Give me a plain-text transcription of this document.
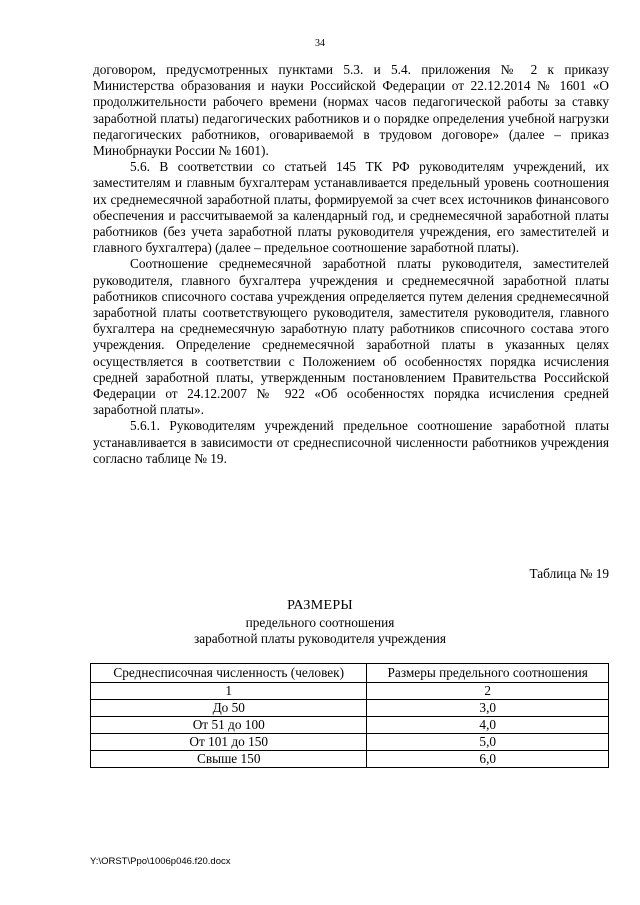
34

договором, предусмотренных пунктами 5.3. и 5.4. приложения № 2 к приказу Министерства образования и науки Российской Федерации от 22.12.2014 № 1601 «О продолжительности рабочего времени (нормах часов педагогической работы за ставку заработной платы) педагогических работников и о порядке определения учебной нагрузки педагогических работников, оговариваемой в трудовом договоре» (далее – приказ Минобрнауки России № 1601).

5.6. В соответствии со статьей 145 ТК РФ руководителям учреждений, их заместителям и главным бухгалтерам устанавливается предельный уровень соотношения их среднемесячной заработной платы, формируемой за счет всех источников финансового обеспечения и рассчитываемой за календарный год, и среднемесячной заработной платы работников (без учета заработной платы руководителя учреждения, его заместителей и главного бухгалтера) (далее – предельное соотношение заработной платы).

Соотношение среднемесячной заработной платы руководителя, заместителей руководителя, главного бухгалтера учреждения и среднемесячной заработной платы работников списочного состава учреждения определяется путем деления среднемесячной заработной платы соответствующего руководителя, заместителя руководителя, главного бухгалтера на среднемесячную заработную плату работников списочного состава этого учреждения. Определение среднемесячной заработной платы в указанных целях осуществляется в соответствии с Положением об особенностях порядка исчисления средней заработной платы, утвержденным постановлением Правительства Российской Федерации от 24.12.2007 № 922 «Об особенностях порядка исчисления средней заработной платы».

5.6.1. Руководителям учреждений предельное соотношение заработной платы устанавливается в зависимости от среднесписочной численности работников учреждения согласно таблице № 19.

Таблица № 19
РАЗМЕРЫ
предельного соотношения
заработной платы руководителя учреждения
Среднесписочная численность (человек)	Размеры предельного соотношения
1	2
До 50	3,0
От 51 до 100	4,0
От 101 до 150	5,0
Свыше 150	6,0
Y:\ORST\Ppo\1006p046.f20.docx
